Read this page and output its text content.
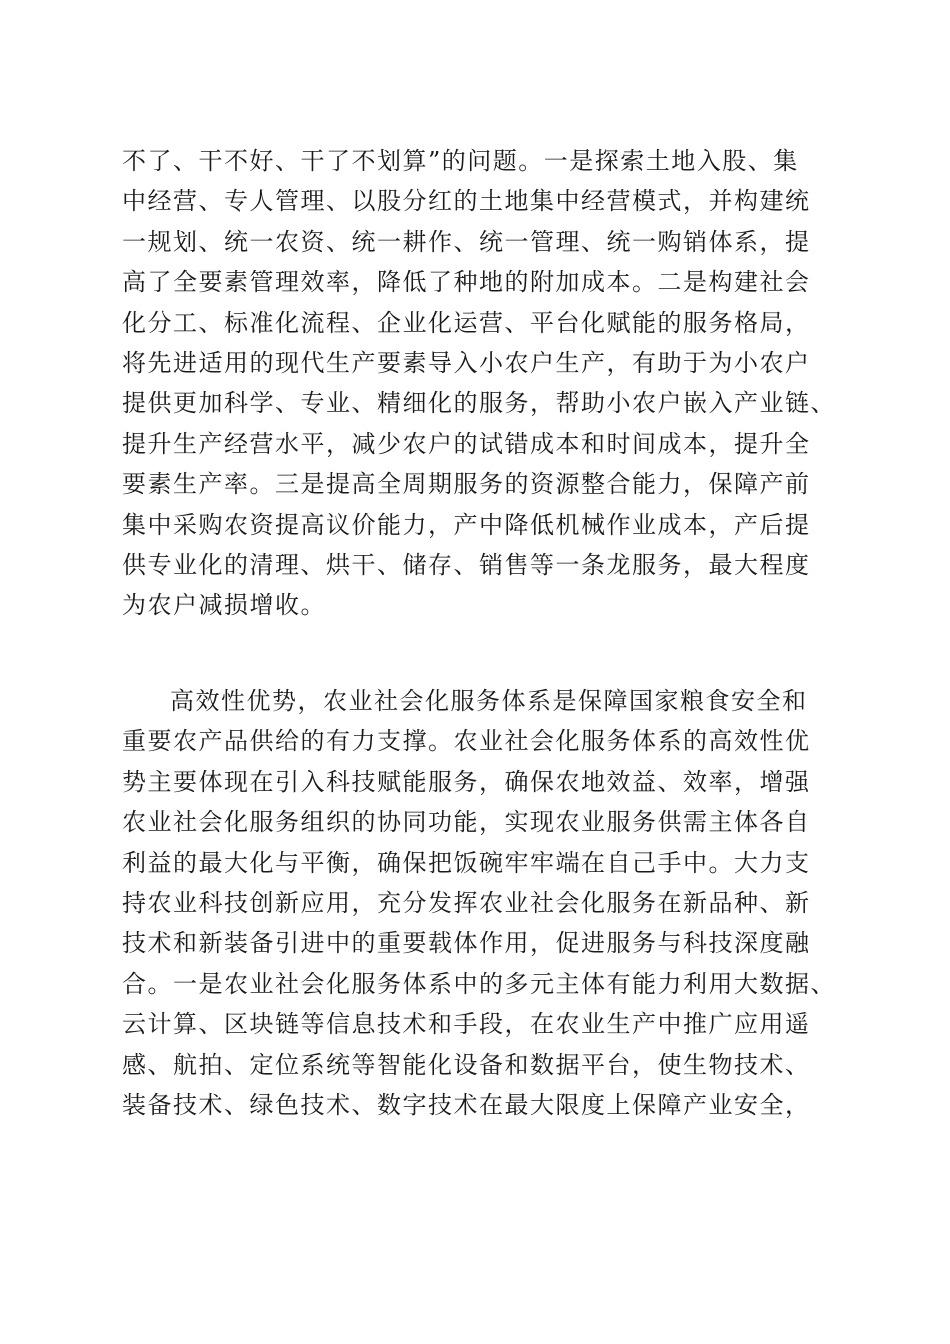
不了、干不好、干了不划算”的问题。一是探索土地入股、集
中经营、专人管理、以股分红的土地集中经营模式，并构建统
一规划、统一农资、统一耕作、统一管理、统一购销体系，提
高了全要素管理效率，降低了种地的附加成本。二是构建社会
化分工、标准化流程、企业化运营、平台化赋能的服务格局，
将先进适用的现代生产要素导入小农户生产，有助于为小农户
提供更加科学、专业、精细化的服务，帮助小农户嵌入产业链、
提升生产经营水平，减少农户的试错成本和时间成本，提升全
要素生产率。三是提高全周期服务的资源整合能力，保障产前
集中采购农资提高议价能力，产中降低机械作业成本，产后提
供专业化的清理、烘干、储存、销售等一条龙服务，最大程度
为农户减损增收。
高效性优势，农业社会化服务体系是保障国家粮食安全和
重要农产品供给的有力支撑。农业社会化服务体系的高效性优
势主要体现在引入科技赋能服务，确保农地效益、效率，增强
农业社会化服务组织的协同功能，实现农业服务供需主体各自
利益的最大化与平衡，确保把饭碗牢牢端在自己手中。大力支
持农业科技创新应用，充分发挥农业社会化服务在新品种、新
技术和新装备引进中的重要载体作用，促进服务与科技深度融
合。一是农业社会化服务体系中的多元主体有能力利用大数据、
云计算、区块链等信息技术和手段，在农业生产中推广应用遥
感、航拍、定位系统等智能化设备和数据平台，使生物技术、
装备技术、绿色技术、数字技术在最大限度上保障产业安全，
